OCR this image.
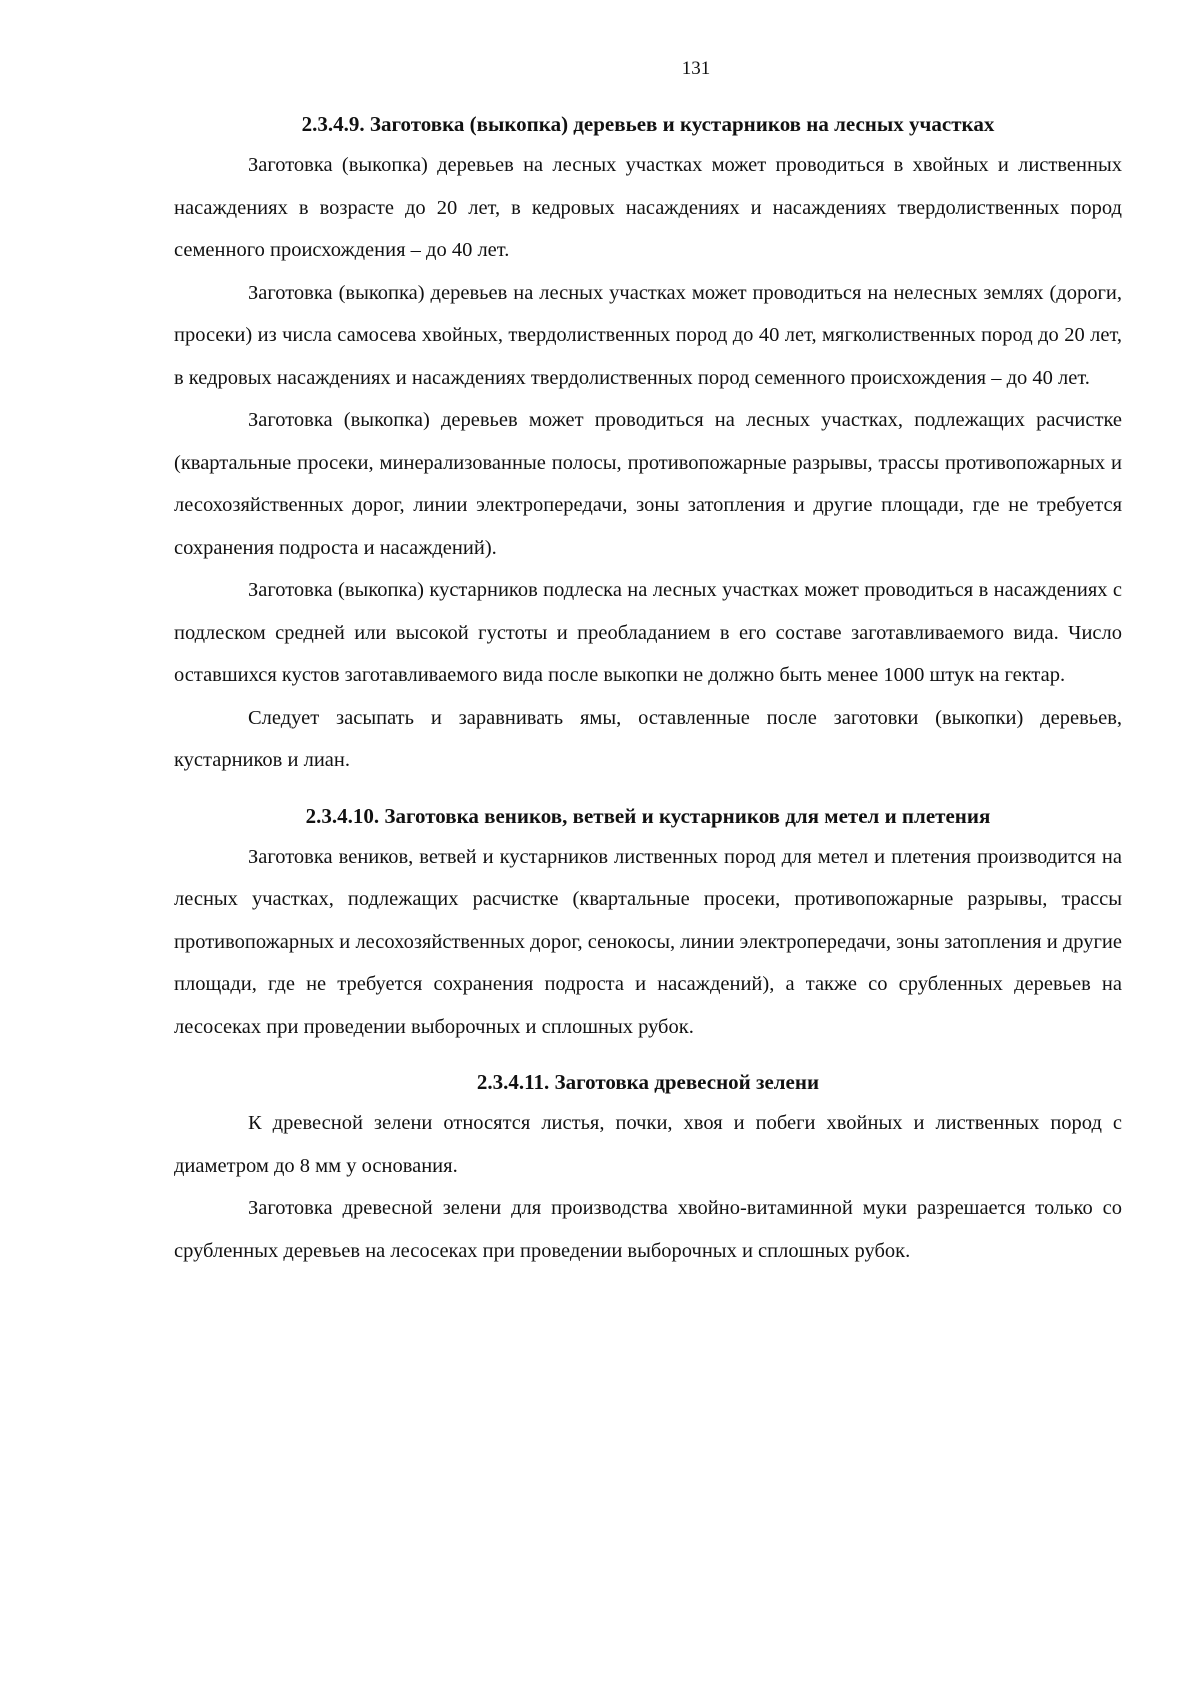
131
2.3.4.9. Заготовка (выкопка) деревьев и кустарников на лесных участках

Заготовка (выкопка) деревьев на лесных участках может проводиться в хвойных и лиственных насаждениях в возрасте до 20 лет, в кедровых насаждениях и насаждениях твердолиственных пород семенного происхождения – до 40 лет.

Заготовка (выкопка) деревьев на лесных участках может проводиться на нелесных землях (дороги, просеки) из числа самосева хвойных, твердолиственных пород до 40 лет, мягколиственных пород до 20 лет, в кедровых насаждениях и насаждениях твердолиственных пород семенного происхождения – до 40 лет.

Заготовка (выкопка) деревьев может проводиться на лесных участках, подлежащих расчистке (квартальные просеки, минерализованные полосы, противопожарные разрывы, трассы противопожарных и лесохозяйственных дорог, линии электропередачи, зоны затопления и другие площади, где не требуется сохранения подроста и насаждений).

Заготовка (выкопка) кустарников подлеска на лесных участках может проводиться в насаждениях с подлеском средней или высокой густоты и преобладанием в его составе заготавливаемого вида. Число оставшихся кустов заготавливаемого вида после выкопки не должно быть менее 1000 штук на гектар.

Следует засыпать и заравнивать ямы, оставленные после заготовки (выкопки) деревьев, кустарников и лиан.

2.3.4.10. Заготовка веников, ветвей и кустарников для метел и плетения

Заготовка веников, ветвей и кустарников лиственных пород для метел и плетения производится на лесных участках, подлежащих расчистке (квартальные просеки, противопожарные разрывы, трассы противопожарных и лесохозяйственных дорог, сенокосы, линии электропередачи, зоны затопления и другие площади, где не требуется сохранения подроста и насаждений), а также со срубленных деревьев на лесосеках при проведении выборочных и сплошных рубок.

2.3.4.11. Заготовка древесной зелени

К древесной зелени относятся листья, почки, хвоя и побеги хвойных и лиственных пород с диаметром до 8 мм у основания.

Заготовка древесной зелени для производства хвойно-витаминной муки разрешается только со срубленных деревьев на лесосеках при проведении выборочных и сплошных рубок.
